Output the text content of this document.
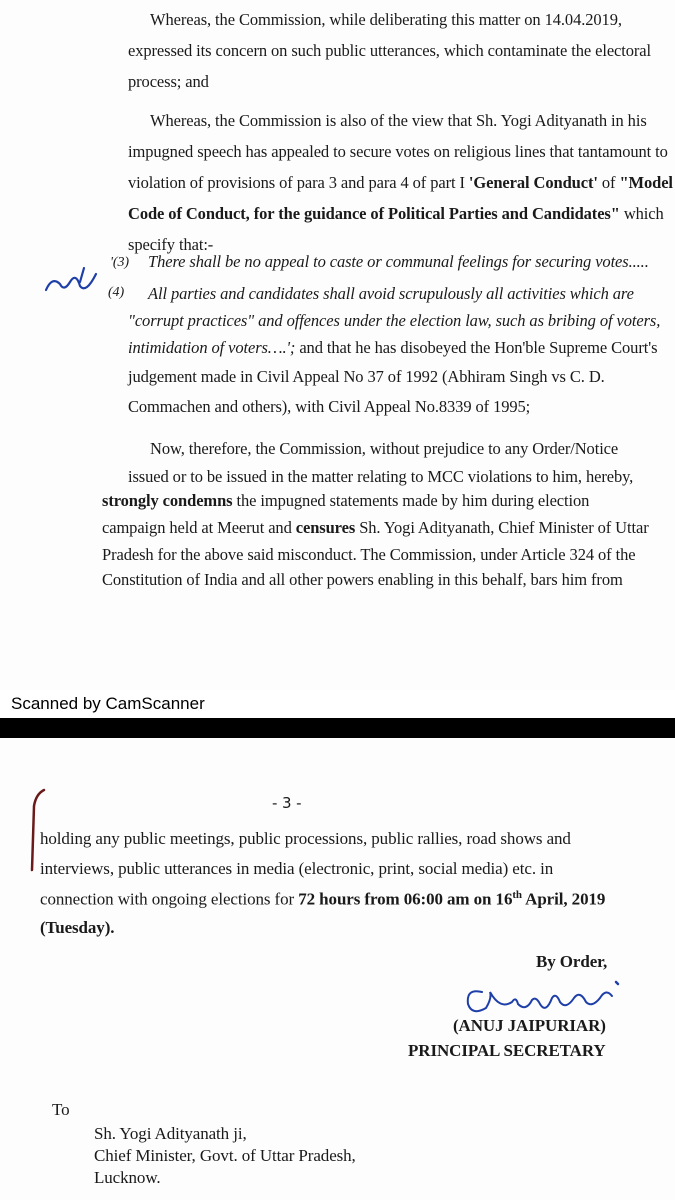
Whereas, the Commission, while deliberating this matter on 14.04.2019,
expressed its concern on such public utterances, which contaminate the electoral
process; and
Whereas, the Commission is also of the view that Sh. Yogi Adityanath in his
impugned speech has appealed to secure votes on religious lines that tantamount to
violation of provisions of para 3 and para 4 of part I 'General Conduct' of "Model
Code of Conduct, for the guidance of Political Parties and Candidates" which
specify that:-
'(3) There shall be no appeal to caste or communal feelings for securing votes.....
(4) All parties and candidates shall avoid scrupulously all activities which are
"corrupt practices" and offences under the election law, such as bribing of voters,
intimidation of voters….'; and that he has disobeyed the Hon'ble Supreme Court's
judgement made in Civil Appeal No 37 of 1992 (Abhiram Singh vs C. D.
Commachen and others), with Civil Appeal No.8339 of 1995;
Now, therefore, the Commission, without prejudice to any Order/Notice
issued or to be issued in the matter relating to MCC violations to him, hereby,
strongly condemns the impugned statements made by him during election
campaign held at Meerut and censures Sh. Yogi Adityanath, Chief Minister of Uttar
Pradesh for the above said misconduct. The Commission, under Article 324 of the
Constitution of India and all other powers enabling in this behalf, bars him from
Scanned by CamScanner
- 3 -
holding any public meetings, public processions, public rallies, road shows and
interviews, public utterances in media (electronic, print, social media) etc. in
connection with ongoing elections for 72 hours from 06:00 am on 16th April, 2019
(Tuesday).
By Order,
(ANUJ JAIPURIAR)
PRINCIPAL SECRETARY
To
Sh. Yogi Adityanath ji,
Chief Minister, Govt. of Uttar Pradesh,
Lucknow.
